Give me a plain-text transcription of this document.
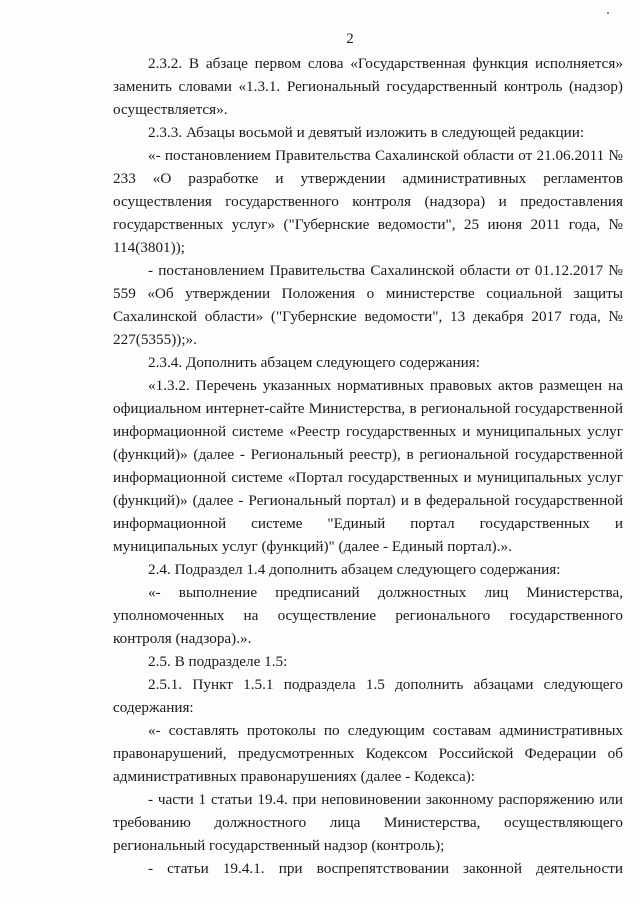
2

2.3.2. В абзаце первом слова «Государственная функция исполняется» заменить словами «1.3.1. Региональный государственный контроль (надзор) осуществляется».

2.3.3. Абзацы восьмой и девятый изложить в следующей редакции:

«- постановлением Правительства Сахалинской области от 21.06.2011 № 233 «О разработке и утверждении административных регламентов осуществления государственного контроля (надзора) и предоставления государственных услуг» ("Губернские ведомости", 25 июня 2011 года, № 114(3801));

- постановлением Правительства Сахалинской области от 01.12.2017 № 559 «Об утверждении Положения о министерстве социальной защиты Сахалинской области» ("Губернские ведомости", 13 декабря 2017 года, № 227(5355));».

2.3.4. Дополнить абзацем следующего содержания:

«1.3.2. Перечень указанных нормативных правовых актов размещен на официальном интернет-сайте Министерства, в региональной государственной информационной системе «Реестр государственных и муниципальных услуг (функций)» (далее - Региональный реестр), в региональной государственной информационной системе «Портал государственных и муниципальных услуг (функций)» (далее - Региональный портал) и в федеральной государственной информационной системе "Единый портал государственных и муниципальных услуг (функций)" (далее - Единый портал).».

2.4. Подраздел 1.4 дополнить абзацем следующего содержания:

«- выполнение предписаний должностных лиц Министерства, уполномоченных на осуществление регионального государственного контроля (надзора).».

2.5. В подразделе 1.5:

2.5.1. Пункт 1.5.1 подраздела 1.5 дополнить абзацами следующего содержания:

«- составлять протоколы по следующим составам административных правонарушений, предусмотренных Кодексом Российской Федерации об административных правонарушениях (далее - Кодекса):

- части 1 статьи 19.4. при неповиновении законному распоряжению или требованию должностного лица Министерства, осуществляющего региональный государственный надзор (контроль);

- статьи 19.4.1. при воспрепятствовании законной деятельности
